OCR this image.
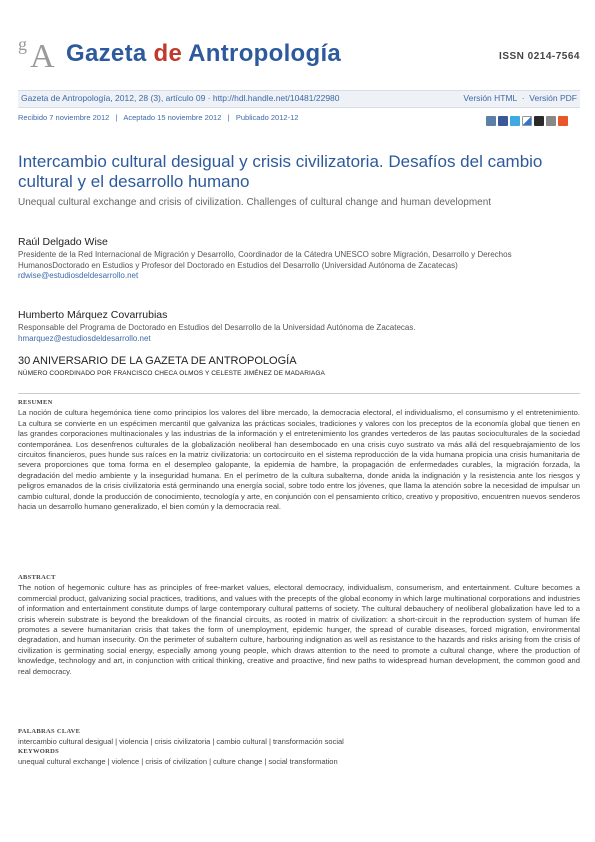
g A Gazeta de Antropología	ISSN 0214-7564
Gazeta de Antropología, 2012, 28 (3), artículo 09 · http://hdl.handle.net/10481/22980	Versión HTML · Versión PDF
Recibido 7 noviembre 2012 | Aceptado 15 noviembre 2012 | Publicado 2012-12
Intercambio cultural desigual y crisis civilizatoria. Desafíos del cambio cultural y el desarrollo humano
Unequal cultural exchange and crisis of civilization. Challenges of cultural change and human development
Raúl Delgado Wise
Presidente de la Red Internacional de Migración y Desarrollo, Coordinador de la Cátedra UNESCO sobre Migración, Desarrollo y Derechos HumanosDoctorado en Estudios y Profesor del Doctorado en Estudios del Desarrollo (Universidad Autónoma de Zacatecas)
rdwise@estudiosdeldesarrollo.net
Humberto Márquez Covarrubias
Responsable del Programa de Doctorado en Estudios del Desarrollo de la Universidad Autónoma de Zacatecas.
hmarquez@estudiosdeldesarrollo.net
30 ANIVERSARIO DE LA GAZETA DE ANTROPOLOGÍA
NÚMERO COORDINADO POR FRANCISCO CHECA OLMOS Y CELESTE JIMÉNEZ DE MADARIAGA
RESUMEN
La noción de cultura hegemónica tiene como principios los valores del libre mercado, la democracia electoral, el individualismo, el consumismo y el entretenimiento. La cultura se convierte en un espécimen mercantil que galvaniza las prácticas sociales, tradiciones y valores con los preceptos de la economía global que tienen en las grandes corporaciones multinacionales y las industrias de la información y el entretenimiento los grandes vertederos de las pautas socioculturales de la sociedad contemporánea. Los desenfrenos culturales de la globalización neoliberal han desembocado en una crisis cuyo sustrato va más allá del resquebrajamiento de los circuitos financieros, pues hunde sus raíces en la matriz civilizatoria: un cortocircuito en el sistema reproducción de la vida humana propicia una crisis humanitaria de severa proporciones que toma forma en el desempleo galopante, la epidemia de hambre, la propagación de enfermedades curables, la migración forzada, la degradación del medio ambiente y la inseguridad humana. En el perímetro de la cultura subalterna, donde anida la indignación y la resistencia ante los riesgos y peligros emanados de la crisis civilizatoria está germinando una energía social, sobre todo entre los jóvenes, que llama la atención sobre la necesidad de impulsar un cambio cultural, donde la producción de conocimiento, tecnología y arte, en conjunción con el pensamiento crítico, creativo y propositivo, encuentren nuevos senderos hacia un desarrollo humano generalizado, el bien común y la democracia real.
ABSTRACT
The notion of hegemonic culture has as principles of free-market values, electoral democracy, individualism, consumerism, and entertainment. Culture becomes a commercial product, galvanizing social practices, traditions, and values with the precepts of the global economy in which large multinational corporations and industries of information and entertainment constitute dumps of large contemporary cultural patterns of society. The cultural debauchery of neoliberal globalization have led to a crisis wherein substrate is beyond the breakdown of the financial circuits, as rooted in matrix of civilization: a short-circuit in the reproduction system of human life promotes a severe humanitarian crisis that takes the form of unemployment, epidemic hunger, the spread of curable diseases, forced migration, environmental degradation, and human insecurity. On the perimeter of subaltern culture, harbouring indignation as well as resistance to the hazards and risks arising from the crisis of civilization is germinating social energy, especially among young people, which draws attention to the need to promote a cultural change, where the production of knowledge, technology and art, in conjunction with critical thinking, creative and proactive, find new paths to widespread human development, the common good and real democracy.
PALABRAS CLAVE
intercambio cultural desigual | violencia | crisis civilizatoria | cambio cultural | transformación social
KEYWORDS
unequal cultural exchange | violence | crisis of civilization | culture change | social transformation
